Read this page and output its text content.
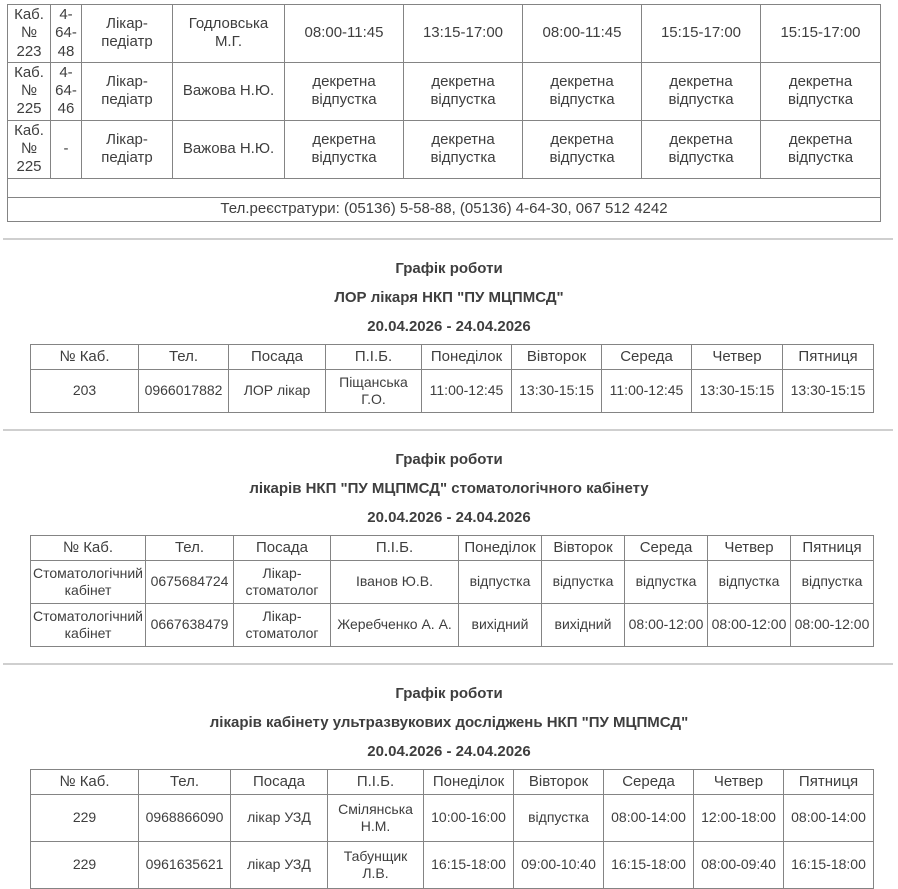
Каб. № 223	4-64-48	Лікар-педіатр	Годловська М.Г.	08:00-11:45	13:15-17:00	08:00-11:45	15:15-17:00	15:15-17:00
Каб. № 225	4-64-46	Лікар-педіатр	Важова Н.Ю.	декретна відпустка	декретна відпустка	декретна відпустка	декретна відпустка	декретна відпустка
Каб. № 225	-	Лікар-педіатр	Важова Н.Ю.	декретна відпустка	декретна відпустка	декретна відпустка	декретна відпустка	декретна відпустка

Тел.реєстратури: (05136) 5-58-88, (05136) 4-64-30, 067 512 4242								
Графік роботи
ЛОР лікаря НКП "ПУ МЦПМСД"
20.04.2026 - 24.04.2026
№ Каб.	Тел.	Посада	П.І.Б.	Понеділок	Вівторок	Середа	Четвер	Пятниця
203	0966017882	ЛОР лікар	Піщанська Г.О.	11:00-12:45	13:30-15:15	11:00-12:45	13:30-15:15	13:30-15:15
Графік роботи
лікарів НКП "ПУ МЦПМСД" стоматологічного кабінету
20.04.2026 - 24.04.2026
№ Каб.	Тел.	Посада	П.І.Б.	Понеділок	Вівторок	Середа	Четвер	Пятниця
Стоматологічний кабінет	0675684724	Лікар-стоматолог	Іванов Ю.В.	відпустка	відпустка	відпустка	відпустка	відпустка
Стоматологічний кабінет	0667638479	Лікар-стоматолог	Жеребченко А. А.	вихідний	вихідний	08:00-12:00	08:00-12:00	08:00-12:00
Графік роботи
лікарів кабінету ультразвукових досліджень НКП "ПУ МЦПМСД"
20.04.2026 - 24.04.2026
№ Каб.	Тел.	Посада	П.І.Б.	Понеділок	Вівторок	Середа	Четвер	Пятниця
229	0968866090	лікар УЗД	Смілянська Н.М.	10:00-16:00	відпустка	08:00-14:00	12:00-18:00	08:00-14:00
229	0961635621	лікар УЗД	Табунщик Л.В.	16:15-18:00	09:00-10:40	16:15-18:00	08:00-09:40	16:15-18:00
